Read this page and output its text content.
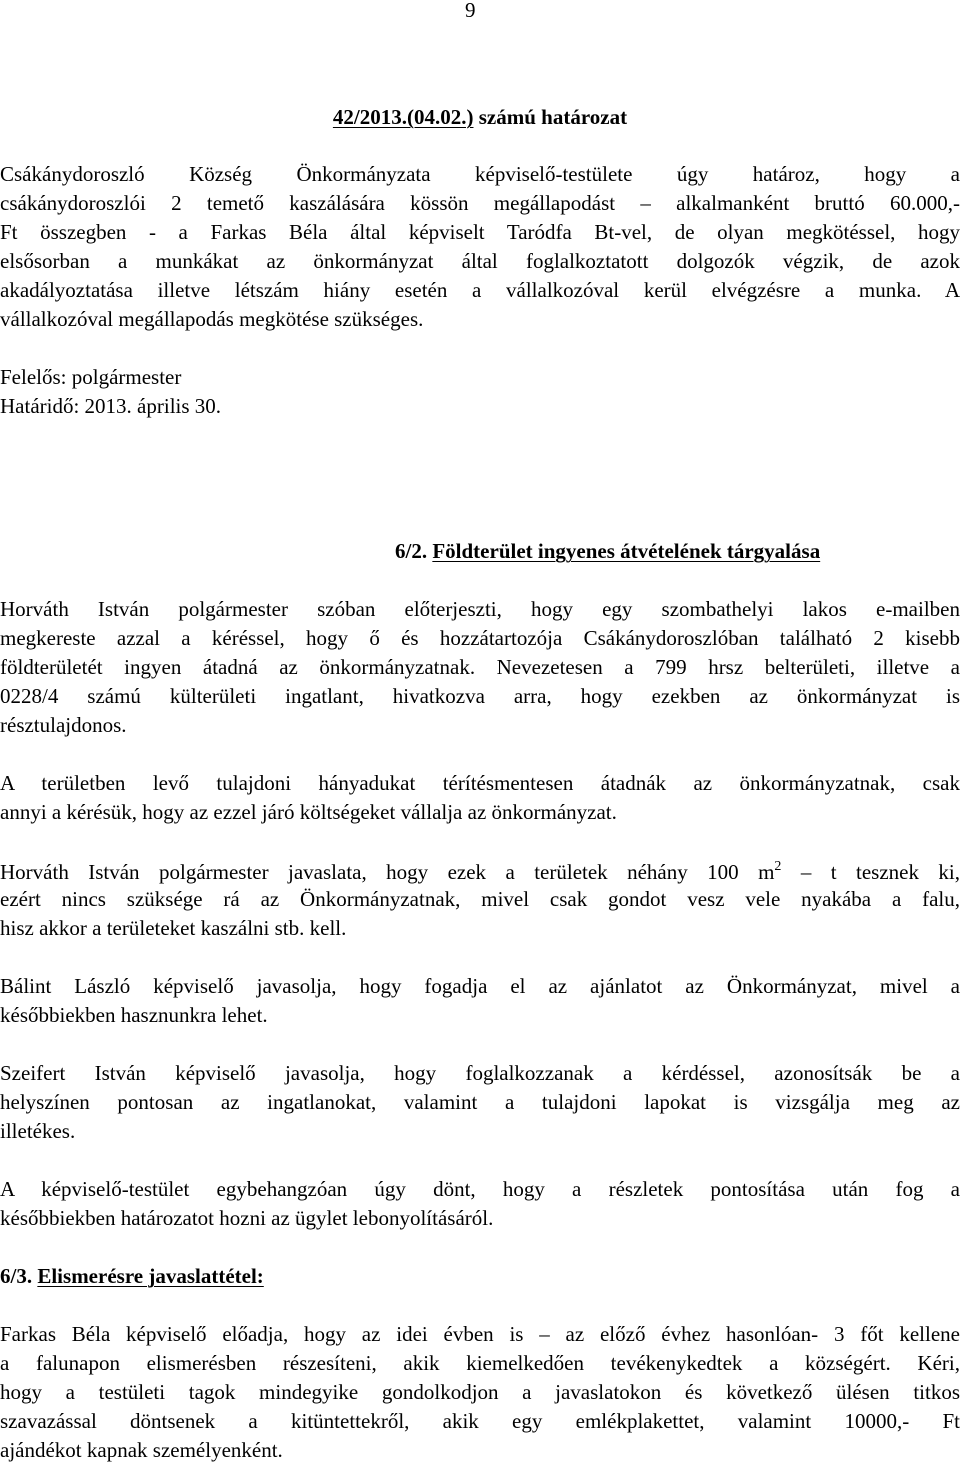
9
42/2013.(04.02.) számú határozat
Csákánydoroszló Község Önkormányzata képviselő-testülete úgy határoz, hogy a
csákánydoroszlói 2 temető kaszálására kössön megállapodást – alkalmanként bruttó 60.000,-
Ft összegben - a Farkas Béla által képviselt Taródfa Bt-vel, de olyan megkötéssel, hogy
elsősorban a munkákat az önkormányzat által foglalkoztatott dolgozók végzik, de azok
akadályoztatása illetve létszám hiány esetén a vállalkozóval kerül elvégzésre a munka. A
vállalkozóval megállapodás megkötése szükséges.
Felelős: polgármester
Határidő: 2013. április 30.
6/2. Földterület ingyenes átvételének tárgyalása
Horváth István polgármester szóban előterjeszti, hogy egy szombathelyi lakos e-mailben
megkereste azzal a kéréssel, hogy ő és hozzátartozója Csákánydoroszlóban található 2 kisebb
földterületét ingyen átadná az önkormányzatnak. Nevezetesen a 799 hrsz belterületi, illetve a
0228/4 számú külterületi ingatlant, hivatkozva arra, hogy ezekben az önkormányzat is
résztulajdonos.
A területben levő tulajdoni hányadukat térítésmentesen átadnák az önkormányzatnak, csak
annyi a kérésük, hogy az ezzel járó költségeket vállalja az önkormányzat.
Horváth István polgármester javaslata, hogy ezek a területek néhány 100 $m^2$ – t tesznek ki,
ezért nincs szüksége rá az Önkormányzatnak, mivel csak gondot vesz vele nyakába a falu,
hisz akkor a területeket kaszálni stb. kell.
Bálint László képviselő javasolja, hogy fogadja el az ajánlatot az Önkormányzat, mivel a
későbbiekben hasznunkra lehet.
Szeifert István képviselő javasolja, hogy foglalkozzanak a kérdéssel, azonosítsák be a
helyszínen pontosan az ingatlanokat, valamint a tulajdoni lapokat is vizsgálja meg az
illetékes.
A képviselő-testület egybehangzóan úgy dönt, hogy a részletek pontosítása után fog a
későbbiekben határozatot hozni az ügylet lebonyolításáról.
6/3. Elismerésre javaslattétel:
Farkas Béla képviselő előadja, hogy az idei évben is – az előző évhez hasonlóan- 3 főt kellene
a falunapon elismerésben részesíteni, akik kiemelkedően tevékenykedtek a községért. Kéri,
hogy a testületi tagok mindegyike gondolkodjon a javaslatokon és következő ülésen titkos
szavazással döntsenek a kitüntettekről, akik egy emlékplakettet, valamint 10000,- Ft
ajándékot kapnak személyenként.
